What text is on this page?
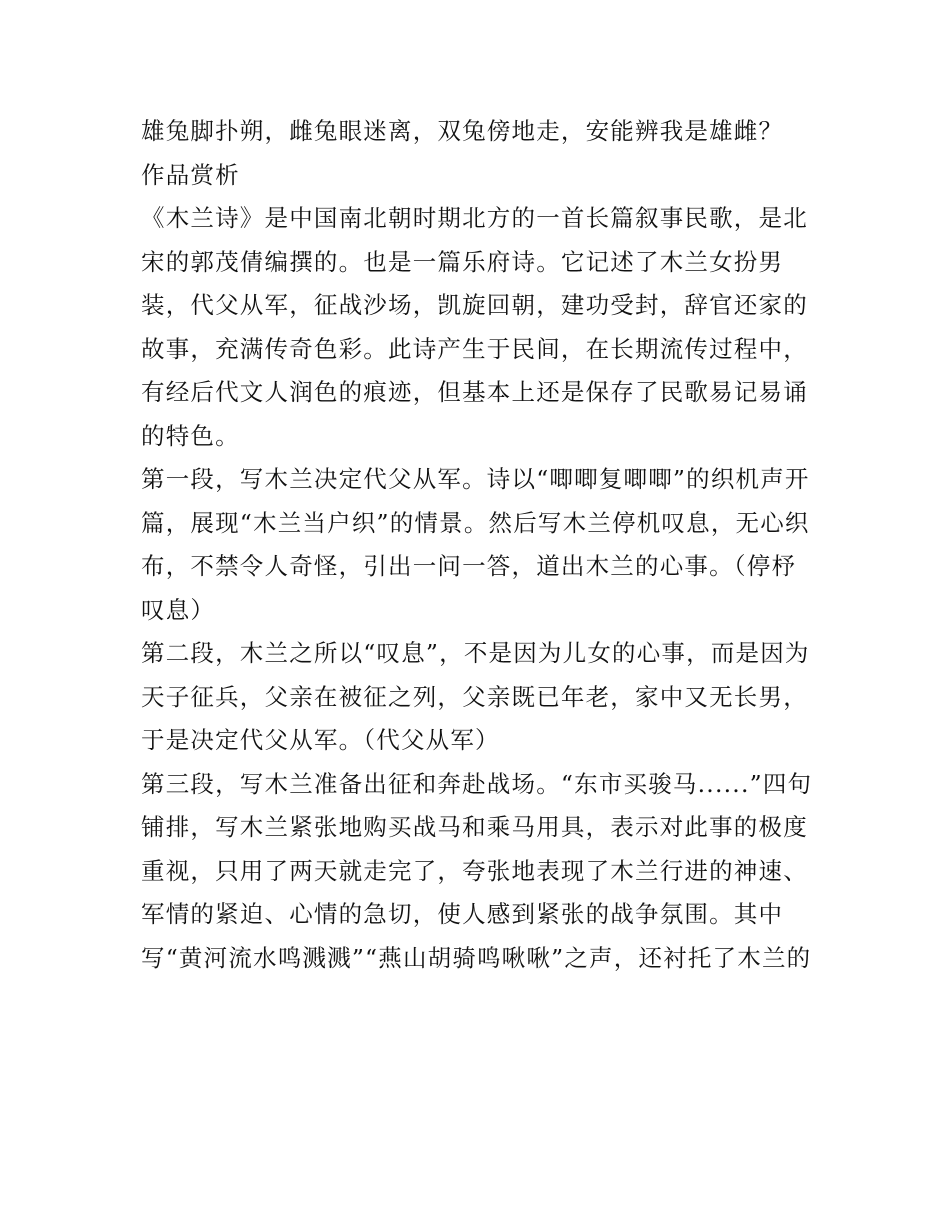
雄兔脚扑朔，雌兔眼迷离，双兔傍地走，安能辨我是雄雌？
作品赏析
《木兰诗》是中国南北朝时期北方的一首长篇叙事民歌，是北
宋的郭茂倩编撰的。也是一篇乐府诗。它记述了木兰女扮男
装，代父从军，征战沙场，凯旋回朝，建功受封，辞官还家的
故事，充满传奇色彩。此诗产生于民间，在长期流传过程中，
有经后代文人润色的痕迹，但基本上还是保存了民歌易记易诵
的特色。
第一段，写木兰决定代父从军。诗以“唧唧复唧唧”的织机声开
篇，展现“木兰当户织”的情景。然后写木兰停机叹息，无心织
布，不禁令人奇怪，引出一问一答，道出木兰的心事。（停杼
叹息）
第二段，木兰之所以“叹息”，不是因为儿女的心事，而是因为
天子征兵，父亲在被征之列，父亲既已年老，家中又无长男，
于是决定代父从军。（代父从军）
第三段，写木兰准备出征和奔赴战场。“东市买骏马......”四句
铺排，写木兰紧张地购买战马和乘马用具，表示对此事的极度
重视，只用了两天就走完了，夸张地表现了木兰行进的神速、
军情的紧迫、心情的急切，使人感到紧张的战争氛围。其中
写“黄河流水鸣溅溅”“燕山胡骑鸣啾啾”之声，还衬托了木兰的
